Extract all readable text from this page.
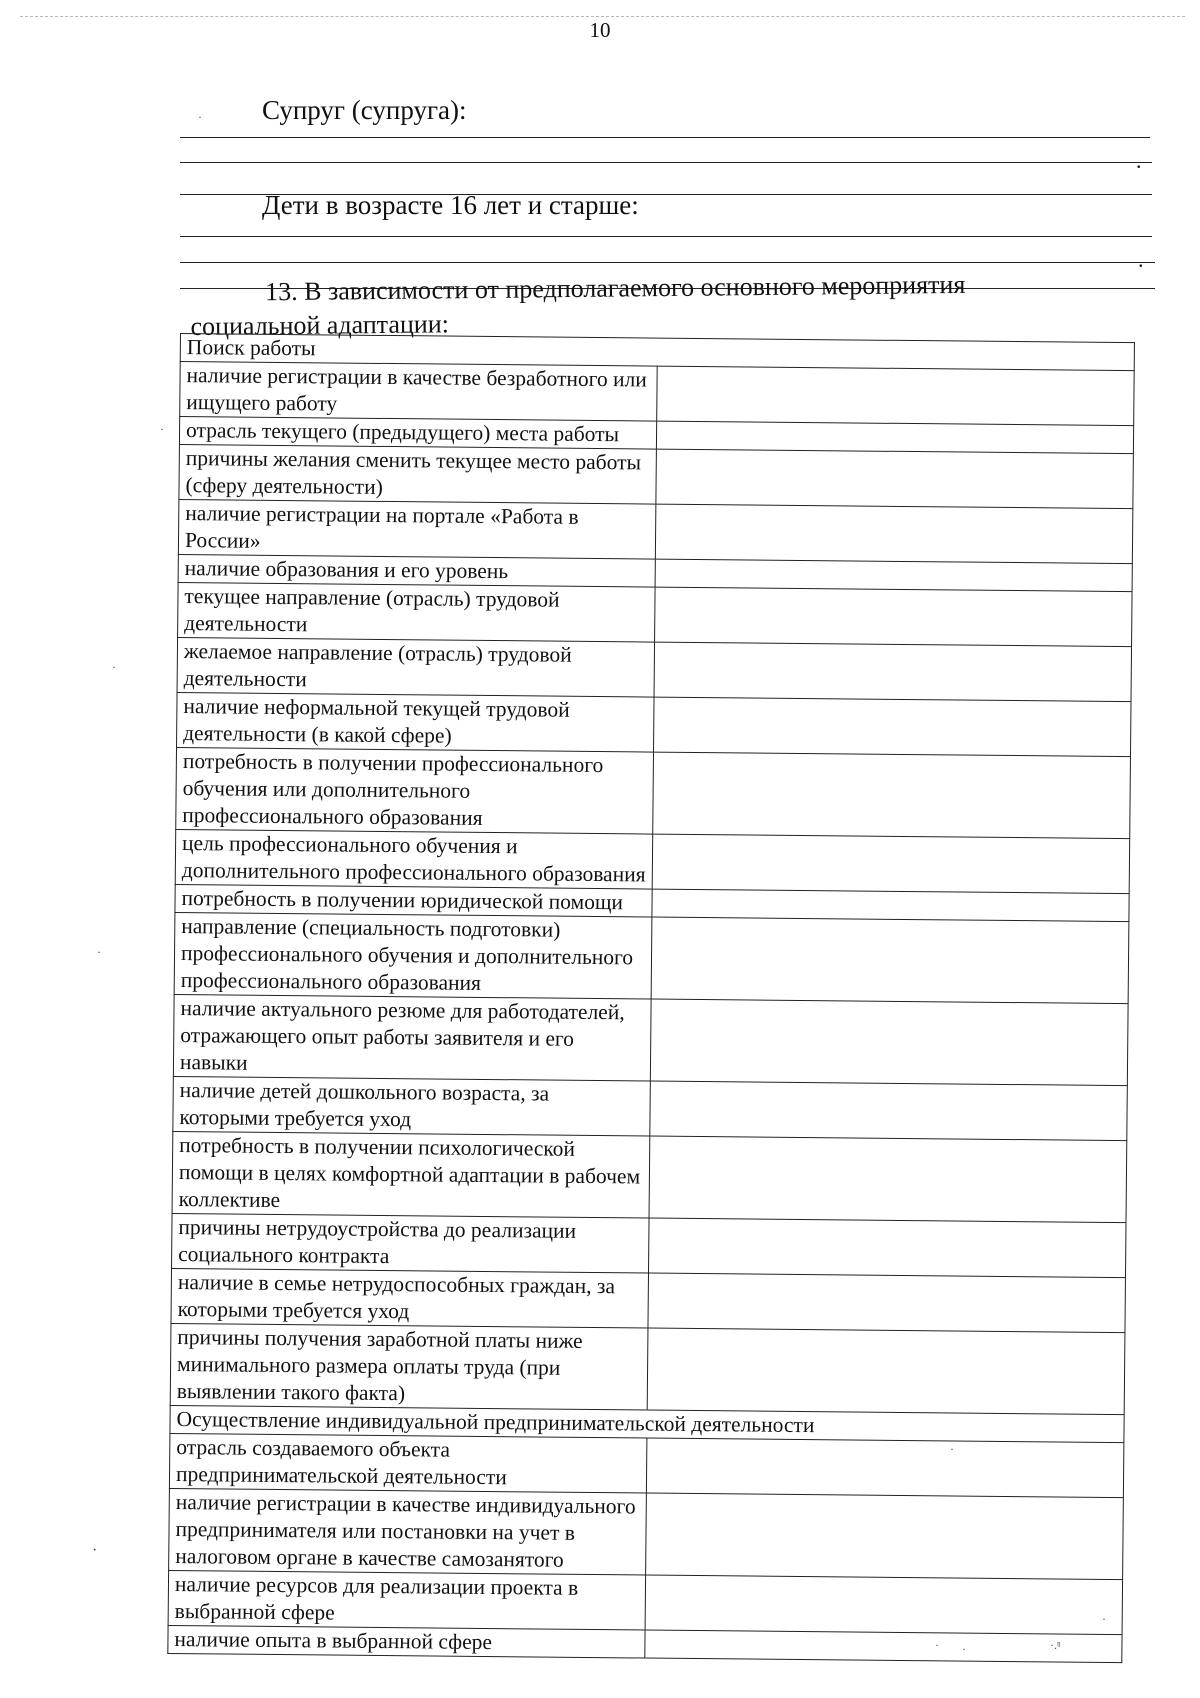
10
Супруг (супруга):
.
Дети в возрасте 16 лет и старше:
.
13. В зависимости от предполагаемого основного мероприятия
социальной адаптации:
Поиск работы	
наличие регистрации в качестве безработного или ищущего работу	
отрасль текущего (предыдущего) места работы	
причины желания сменить текущее место работы (сферу деятельности)	
наличие регистрации на портале «Работа в России»	
наличие образования и его уровень	
текущее направление (отрасль) трудовой деятельности	
желаемое направление (отрасль) трудовой деятельности	
наличие неформальной текущей трудовой деятельности (в какой сфере)	
потребность в получении профессионального обучения или дополнительного профессионального образования	
цель профессионального обучения и дополнительного профессионального образования	
потребность в получении юридической помощи	
направление (специальность подготовки) профессионального обучения и дополнительного профессионального образования	
наличие актуального резюме для работодателей, отражающего опыт работы заявителя и его навыки	
наличие детей дошкольного возраста, за которыми требуется уход	
потребность в получении психологической помощи в целях комфортной адаптации в рабочем коллективе	
причины нетрудоустройства до реализации социального контракта	
наличие в семье нетрудоспособных граждан, за которыми требуется уход	
причины получения заработной платы ниже минимального размера оплаты труда (при выявлении такого факта)	
Осуществление индивидуальной предпринимательской деятельности	
отрасль создаваемого объекта предпринимательской деятельности	
наличие регистрации в качестве индивидуального предпринимателя или постановки на учет в налоговом органе в качестве самозанятого	
наличие ресурсов для реализации проекта в выбранной сфере	
наличие опыта в выбранной сфере	
·
·
·
·
·
·
· ·	·.ᵑ
·
